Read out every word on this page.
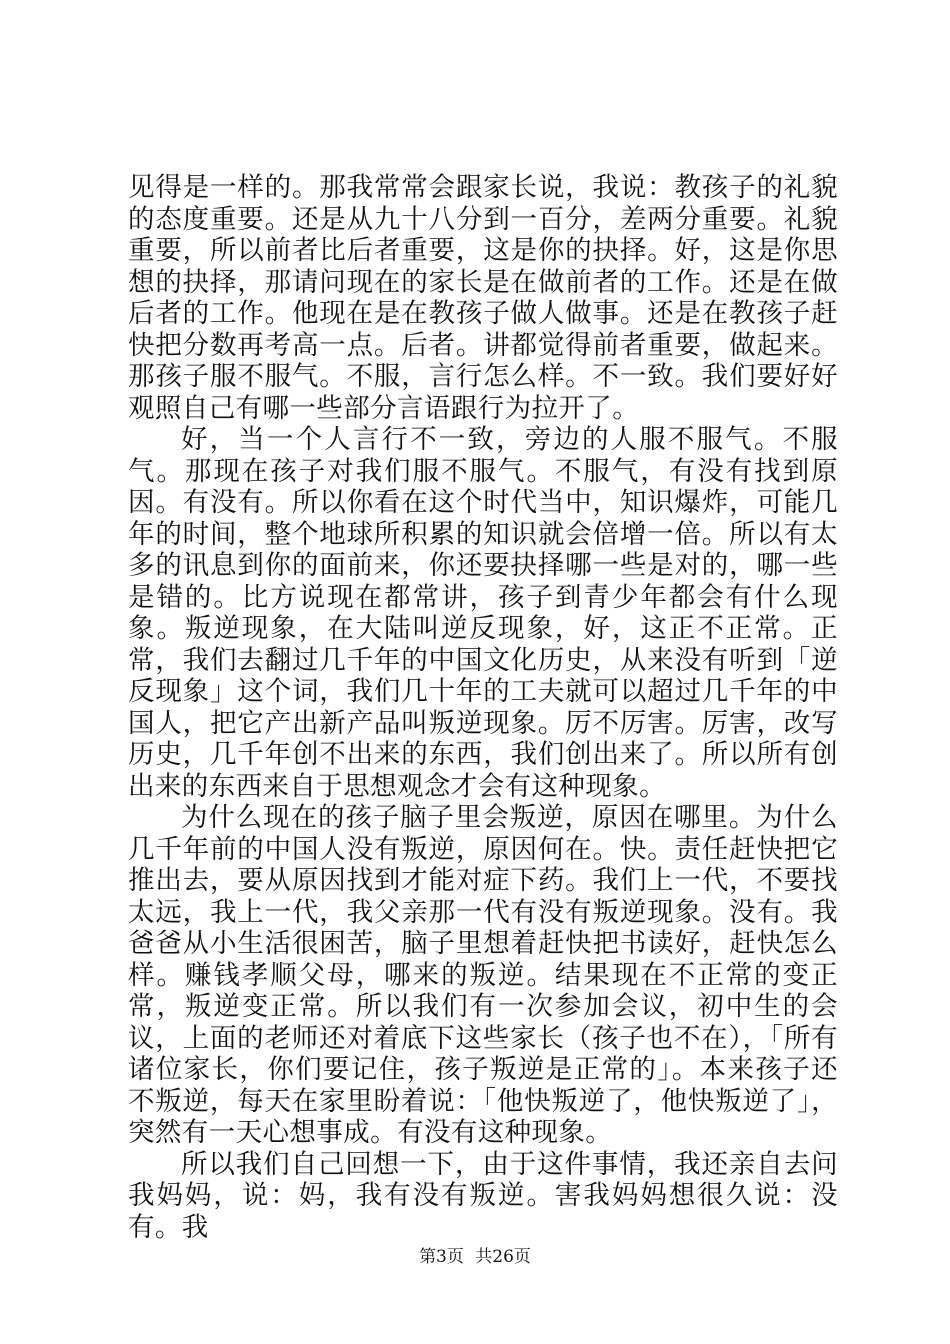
见得是一样的。那我常常会跟家长说，我说：教孩子的礼貌的态度重要。还是从九十八分到一百分，差两分重要。礼貌重要，所以前者比后者重要，这是你的抉择。好，这是你思想的抉择，那请问现在的家长是在做前者的工作。还是在做后者的工作。他现在是在教孩子做人做事。还是在教孩子赶快把分数再考高一点。后者。讲都觉得前者重要，做起来。那孩子服不服气。不服，言行怎么样。不一致。我们要好好观照自己有哪一些部分言语跟行为拉开了。

好，当一个人言行不一致，旁边的人服不服气。不服气。那现在孩子对我们服不服气。不服气，有没有找到原因。有没有。所以你看在这个时代当中，知识爆炸，可能几年的时间，整个地球所积累的知识就会倍增一倍。所以有太多的讯息到你的面前来，你还要抉择哪一些是对的，哪一些是错的。比方说现在都常讲，孩子到青少年都会有什么现象。叛逆现象，在大陆叫逆反现象，好，这正不正常。正常，我们去翻过几千年的中国文化历史，从来没有听到「逆反现象」这个词，我们几十年的工夫就可以超过几千年的中国人，把它产出新产品叫叛逆现象。厉不厉害。厉害，改写历史，几千年创不出来的东西，我们创出来了。所以所有创出来的东西来自于思想观念才会有这种现象。

为什么现在的孩子脑子里会叛逆，原因在哪里。为什么几千年前的中国人没有叛逆，原因何在。快。责任赶快把它推出去，要从原因找到才能对症下药。我们上一代，不要找太远，我上一代，我父亲那一代有没有叛逆现象。没有。我爸爸从小生活很困苦，脑子里想着赶快把书读好，赶快怎么样。赚钱孝顺父母，哪来的叛逆。结果现在不正常的变正常，叛逆变正常。所以我们有一次参加会议，初中生的会议，上面的老师还对着底下这些家长（孩子也不在），「所有诸位家长，你们要记住，孩子叛逆是正常的」。本来孩子还不叛逆，每天在家里盼着说：「他快叛逆了，他快叛逆了」，突然有一天心想事成。有没有这种现象。

所以我们自己回想一下，由于这件事情，我还亲自去问我妈妈，说：妈，我有没有叛逆。害我妈妈想很久说：没有。我

第3页 共26页
